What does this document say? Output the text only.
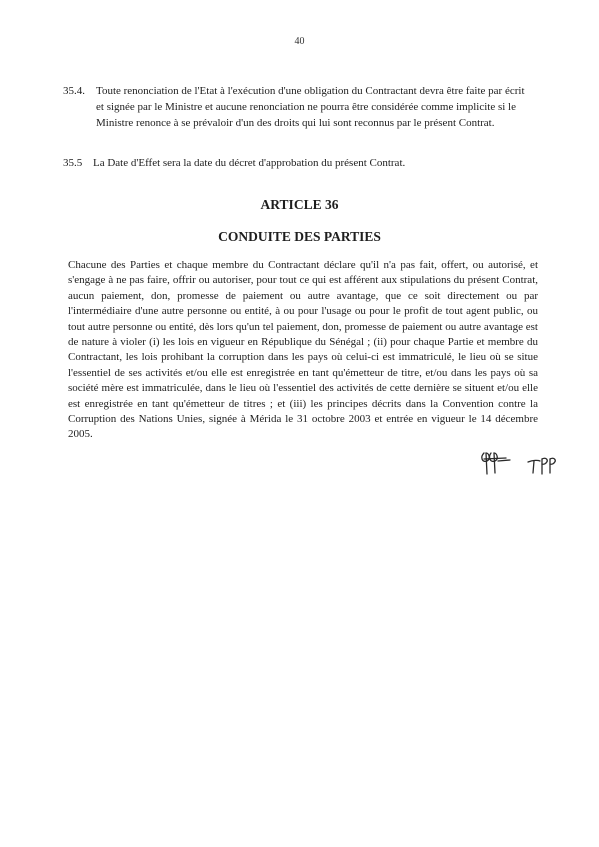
40
35.4. Toute renonciation de l'Etat à l'exécution d'une obligation du Contractant devra être faite par écrit et signée par le Ministre et aucune renonciation ne pourra être considérée comme implicite si le Ministre renonce à se prévaloir d'un des droits qui lui sont reconnus par le présent Contrat.
35.5 La Date d'Effet sera la date du décret d'approbation du présent Contrat.
ARTICLE 36
CONDUITE DES PARTIES
Chacune des Parties et chaque membre du Contractant déclare qu'il n'a pas fait, offert, ou autorisé, et s'engage à ne pas faire, offrir ou autoriser, pour tout ce qui est afférent aux stipulations du présent Contrat, aucun paiement, don, promesse de paiement ou autre avantage, que ce soit directement ou par l'intermédiaire d'une autre personne ou entité, à ou pour l'usage ou pour le profit de tout agent public, ou tout autre personne ou entité, dès lors qu'un tel paiement, don, promesse de paiement ou autre avantage est de nature à violer (i) les lois en vigueur en République du Sénégal ; (ii) pour chaque Partie et membre du Contractant, les lois prohibant la corruption dans les pays où celui-ci est immatriculé, le lieu où se situe l'essentiel de ses activités et/ou elle est enregistrée en tant qu'émetteur de titre, et/ou dans les pays où sa société mère est immatriculée, dans le lieu où l'essentiel des activités de cette dernière se situent et/ou elle est enregistrée en tant qu'émetteur de titres ; et (iii) les principes décrits dans la Convention contre la Corruption des Nations Unies, signée à Mérida le 31 octobre 2003 et entrée en vigueur le 14 décembre 2005.
